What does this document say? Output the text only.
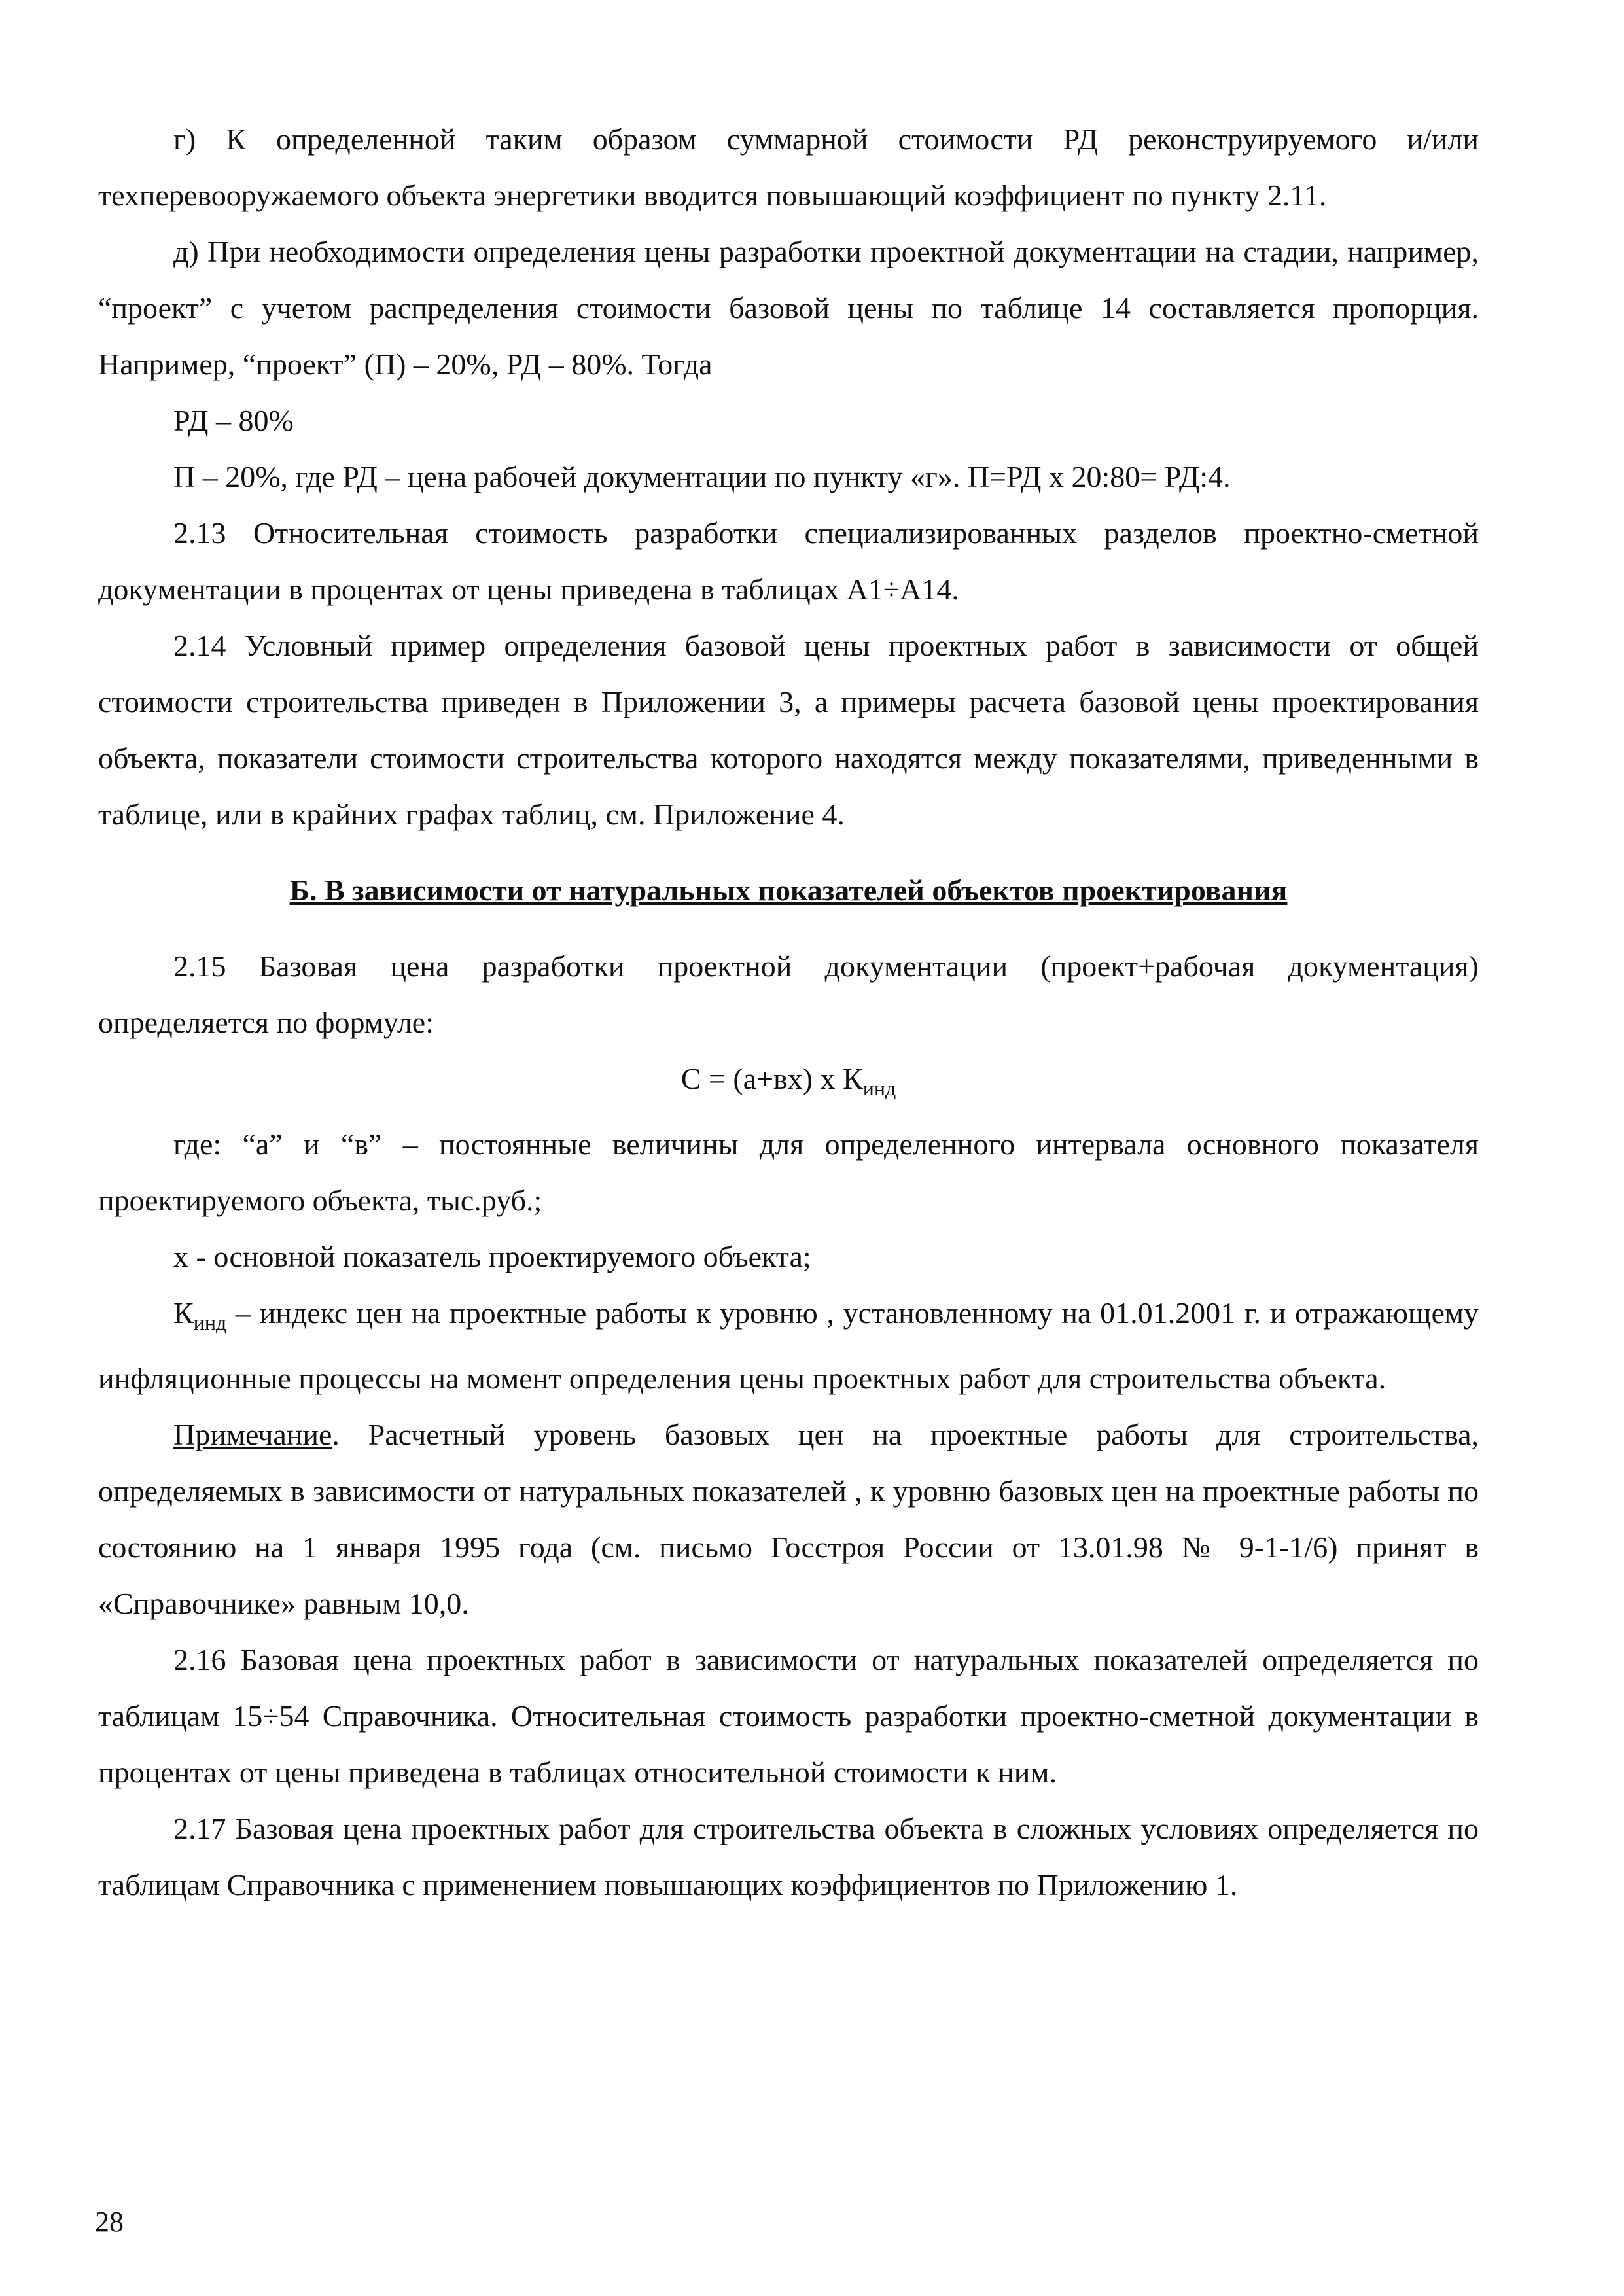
г) К определенной таким образом суммарной стоимости РД реконструируемого и/или техперевооружаемого объекта энергетики вводится повышающий коэффициент по пункту 2.11.

д) При необходимости определения цены разработки проектной документации на стадии, например, “проект” с учетом распределения стоимости базовой цены по таблице 14 составляется пропорция. Например, “проект” (П) – 20%, РД – 80%. Тогда

РД – 80%

П – 20%, где РД – цена рабочей документации по пункту «г». П=РД х 20:80= РД:4.

2.13 Относительная стоимость разработки специализированных разделов проектно-сметной документации в процентах от цены приведена в таблицах А1÷А14.

2.14 Условный пример определения базовой цены проектных работ в зависимости от общей стоимости строительства приведен в Приложении 3, а примеры расчета базовой цены проектирования объекта, показатели стоимости строительства которого находятся между показателями, приведенными в таблице, или в крайних графах таблиц, см. Приложение 4.

Б. В зависимости от натуральных показателей объектов проектирования

2.15 Базовая цена разработки проектной документации (проект+рабочая документация) определяется по формуле:

С = (а+вх) х $К_{инд}$

где: “а” и “в” – постоянные величины для определенного интервала основного показателя проектируемого объекта, тыс.руб.;

х - основной показатель проектируемого объекта;

$К_{инд}$ – индекс цен на проектные работы к уровню , установленному на 01.01.2001 г. и отражающему инфляционные процессы на момент определения цены проектных работ для строительства объекта.

Примечание. Расчетный уровень базовых цен на проектные работы для строительства, определяемых в зависимости от натуральных показателей , к уровню базовых цен на проектные работы по состоянию на 1 января 1995 года (см. письмо Госстроя России от 13.01.98 № 9-1-1/6) принят в «Справочнике» равным 10,0.

2.16 Базовая цена проектных работ в зависимости от натуральных показателей определяется по таблицам 15÷54 Справочника. Относительная стоимость разработки проектно-сметной документации в процентах от цены приведена в таблицах относительной стоимости к ним.

2.17 Базовая цена проектных работ для строительства объекта в сложных условиях определяется по таблицам Справочника с применением повышающих коэффициентов по Приложению 1.

28
